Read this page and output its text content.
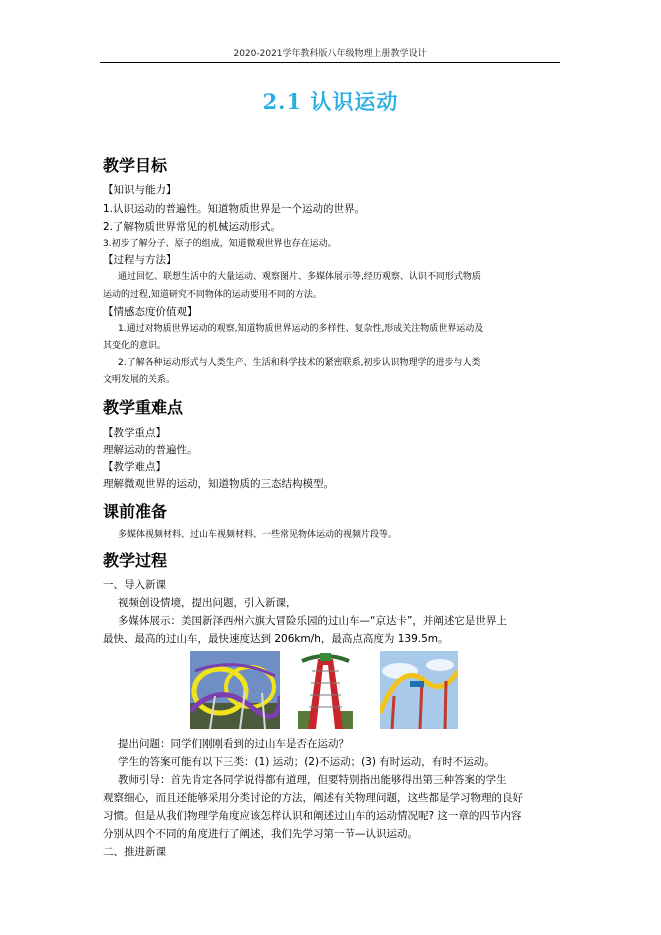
2020-2021学年教科版八年级物理上册教学设计
2.1 认识运动
教学目标
【知识与能力】
1.认识运动的普遍性。知道物质世界是一个运动的世界。
2.了解物质世界常见的机械运动形式。
3.初步了解分子、原子的组成，知道微观世界也存在运动。
【过程与方法】
通过回忆、联想生活中的大量运动、观察图片、多媒体展示等,经历观察、认识不同形式物质
运动的过程,知道研究不同物体的运动要用不同的方法。
【情感态度价值观】
1.通过对物质世界运动的观察,知道物质世界运动的多样性、复杂性,形成关注物质世界运动及
其变化的意识。
2.了解各种运动形式与人类生产、生活和科学技术的紧密联系,初步认识物理学的进步与人类
文明发展的关系。
教学重难点
【教学重点】
理解运动的普遍性。
【教学难点】
理解微观世界的运动，知道物质的三态结构模型。
课前准备
多媒体视频材料、过山车视频材料、一些常见物体运动的视频片段等。
教学过程
一、导入新课
视频创设情境，提出问题，引入新课，
多媒体展示：美国新泽西州六旗大冒险乐园的过山车—“京达卡”，并阐述它是世界上
最快、最高的过山车，最快速度达到 206km/h，最高点高度为 139.5m。
提出问题：同学们刚刚看到的过山车是否在运动？
学生的答案可能有以下三类：(1) 运动；(2)不运动；(3) 有时运动，有时不运动。
教师引导：首先肯定各同学说得都有道理，但要特别指出能够得出第三种答案的学生
观察细心，而且还能够采用分类讨论的方法，阐述有关物理问题，这些都是学习物理的良好
习惯。但是从我们物理学角度应该怎样认识和阐述过山车的运动情况呢? 这一章的四节内容
分别从四个不同的角度进行了阐述，我们先学习第一节—认识运动。
二、推进新课
